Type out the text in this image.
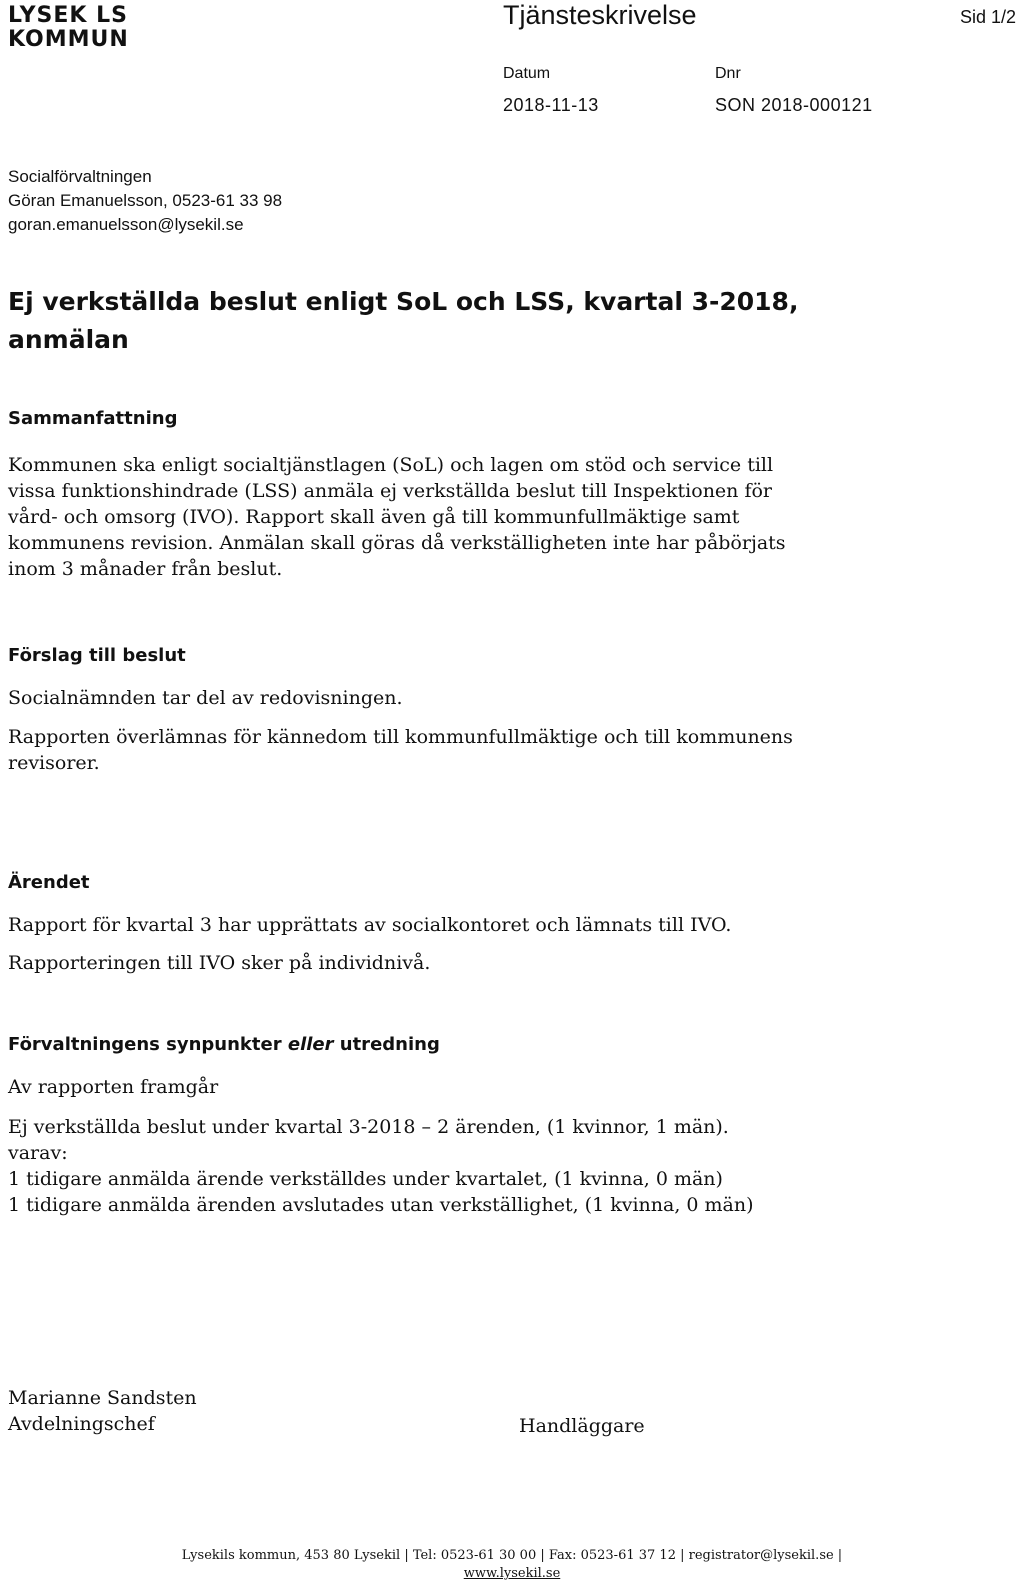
LYSEK LS
KOMMUN
Tjänsteskrivelse	Sid 1/2
Datum	Dnr
2018-11-13	SON 2018-000121
Socialförvaltningen
Göran Emanuelsson, 0523-61 33 98
goran.emanuelsson@lysekil.se
Ej verkställda beslut enligt SoL och LSS, kvartal 3-2018, anmälan
Sammanfattning
Kommunen ska enligt socialtjänstlagen (SoL) och lagen om stöd och service till
vissa funktionshindrade (LSS) anmäla ej verkställda beslut till Inspektionen för
vård- och omsorg (IVO). Rapport skall även gå till kommunfullmäktige samt
kommunens revision. Anmälan skall göras då verkställigheten inte har påbörjats
inom 3 månader från beslut.
Förslag till beslut
Socialnämnden tar del av redovisningen.
Rapporten överlämnas för kännedom till kommunfullmäktige och till kommunens
revisorer.
Ärendet
Rapport för kvartal 3 har upprättats av socialkontoret och lämnats till IVO.
Rapporteringen till IVO sker på individnivå.
Förvaltningens synpunkter eller utredning
Av rapporten framgår
Ej verkställda beslut under kvartal 3-2018 – 2 ärenden, (1 kvinnor, 1 män).
varav:
1 tidigare anmälda ärende verkställdes under kvartalet, (1 kvinna, 0 män)
1 tidigare anmälda ärenden avslutades utan verkställighet, (1 kvinna, 0 män)
Marianne Sandsten
Avdelningschef	Handläggare
Lysekils kommun, 453 80 Lysekil | Tel: 0523-61 30 00 | Fax: 0523-61 37 12 | registrator@lysekil.se |
www.lysekil.se
